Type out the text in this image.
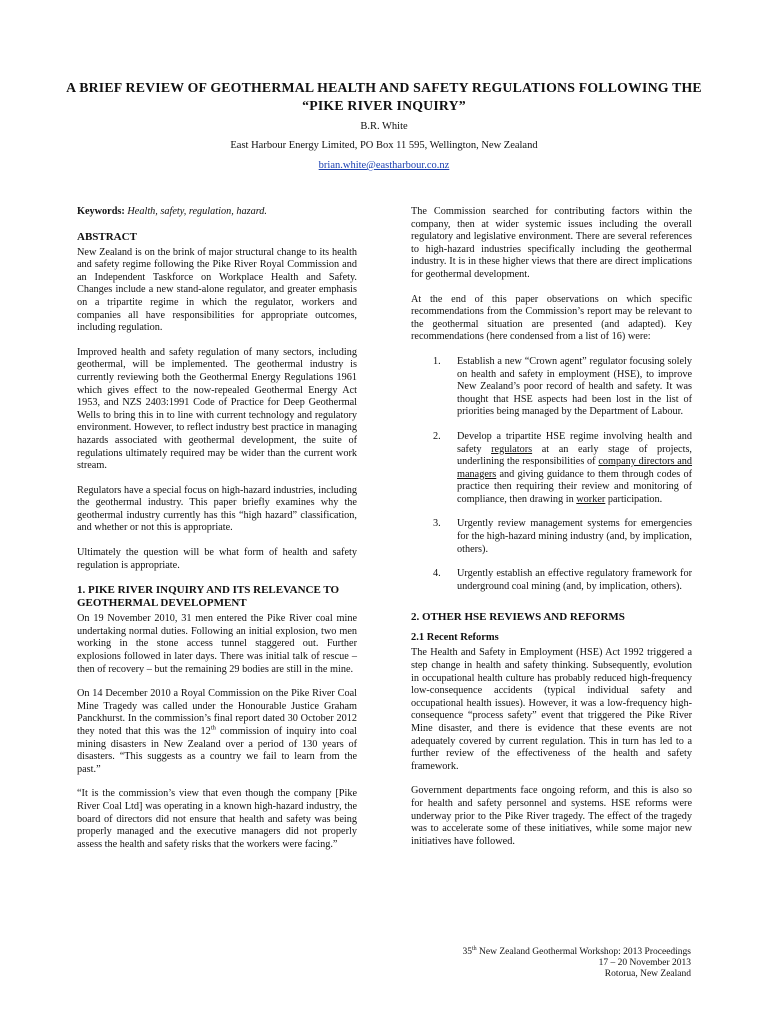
A BRIEF REVIEW OF GEOTHERMAL HEALTH AND SAFETY REGULATIONS FOLLOWING THE “PIKE RIVER INQUIRY”
B.R. White
East Harbour Energy Limited, PO Box 11 595, Wellington, New Zealand
brian.white@eastharbour.co.nz
Keywords: Health, safety, regulation, hazard.
ABSTRACT

New Zealand is on the brink of major structural change to its health and safety regime following the Pike River Royal Commission and an Independent Taskforce on Workplace Health and Safety. Changes include a new stand-alone regulator, and greater emphasis on a tripartite regime in which the regulator, workers and companies all have responsibilities for appropriate outcomes, including regulation.

Improved health and safety regulation of many sectors, including geothermal, will be implemented. The geothermal industry is currently reviewing both the Geothermal Energy Regulations 1961 which gives effect to the now-repealed Geothermal Energy Act 1953, and NZS 2403:1991 Code of Practice for Deep Geothermal Wells to bring this in to line with current technology and regulatory environment. However, to reflect industry best practice in managing hazards associated with geothermal development, the suite of regulations ultimately required may be wider than the current work stream.

Regulators have a special focus on high-hazard industries, including the geothermal industry. This paper briefly examines why the geothermal industry currently has this “high hazard” classification, and whether or not this is appropriate.

Ultimately the question will be what form of health and safety regulation is appropriate.

1. PIKE RIVER INQUIRY AND ITS RELEVANCE TO GEOTHERMAL DEVELOPMENT

On 19 November 2010, 31 men entered the Pike River coal mine undertaking normal duties. Following an initial explosion, two men working in the stone access tunnel staggered out. Further explosions followed in later days. There was initial talk of rescue – then of recovery – but the remaining 29 bodies are still in the mine.

On 14 December 2010 a Royal Commission on the Pike River Coal Mine Tragedy was called under the Honourable Justice Graham Panckhurst. In the commission’s final report dated 30 October 2012 they noted that this was the 12th commission of inquiry into coal mining disasters in New Zealand over a period of 130 years of disasters. “This suggests as a country we fail to learn from the past.”

“It is the commission’s view that even though the company [Pike River Coal Ltd] was operating in a known high-hazard industry, the board of directors did not ensure that health and safety was being properly managed and the executive managers did not properly assess the health and safety risks that the workers were facing.”

The Commission searched for contributing factors within the company, then at wider systemic issues including the overall regulatory and legislative environment. There are several references to high-hazard industries specifically including the geothermal industry. It is in these higher views that there are direct implications for geothermal development.

At the end of this paper observations on which specific recommendations from the Commission’s report may be relevant to the geothermal situation are presented (and adapted). Key recommendations (here condensed from a list of 16) were:

1. Establish a new “Crown agent” regulator focusing solely on health and safety in employment (HSE), to improve New Zealand’s poor record of health and safety. It was thought that HSE aspects had been lost in the list of priorities being managed by the Department of Labour.
2. Develop a tripartite HSE regime involving health and safety regulators at an early stage of projects, underlining the responsibilities of company directors and managers and giving guidance to them through codes of practice then requiring their review and monitoring of compliance, then drawing in worker participation.
3. Urgently review management systems for emergencies for the high-hazard mining industry (and, by implication, others).
4. Urgently establish an effective regulatory framework for underground coal mining (and, by implication, others).
2. OTHER HSE REVIEWS AND REFORMS
2.1 Recent Reforms

The Health and Safety in Employment (HSE) Act 1992 triggered a step change in health and safety thinking. Subsequently, evolution in occupational health culture has probably reduced high-frequency low-consequence accidents (typical individual safety and occupational health issues). However, it was a low-frequency high-consequence “process safety” event that triggered the Pike River Mine disaster, and there is evidence that these events are not adequately covered by current regulation. This in turn has led to a further review of the effectiveness of the health and safety framework.

Government departments face ongoing reform, and this is also so for health and safety personnel and systems. HSE reforms were underway prior to the Pike River tragedy. The effect of the tragedy was to accelerate some of these initiatives, while some major new initiatives have followed.

35th New Zealand Geothermal Workshop: 2013 Proceedings
17 – 20 November 2013
Rotorua, New Zealand
